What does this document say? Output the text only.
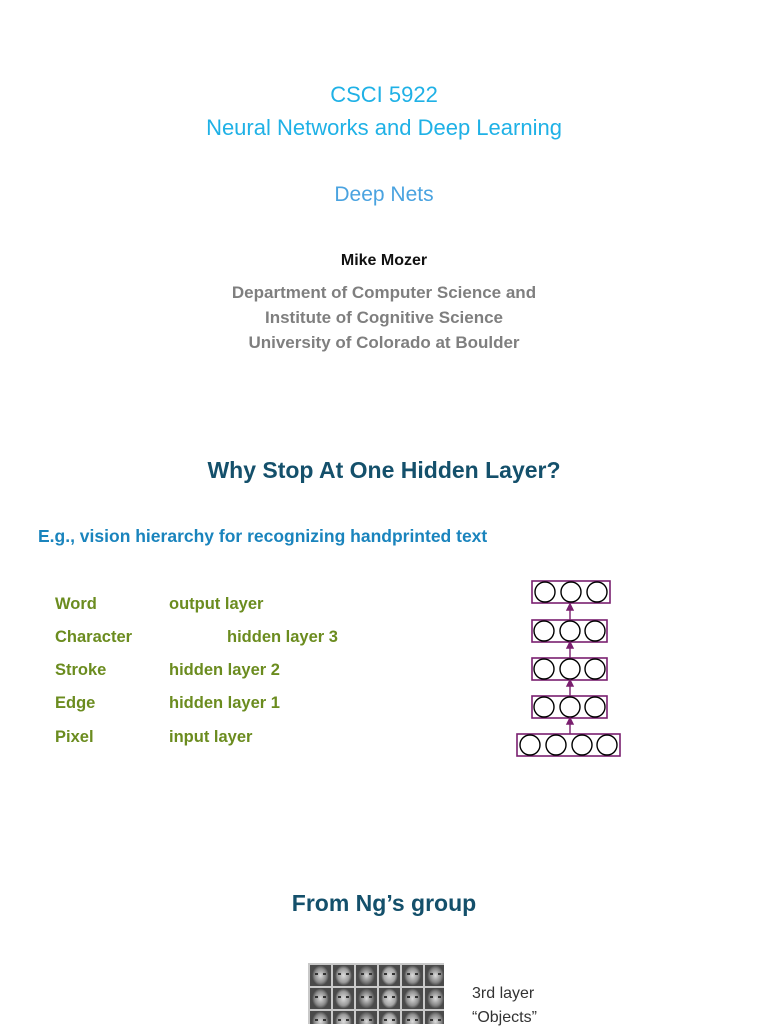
CSCI 5922
Neural Networks and Deep Learning
Deep Nets
Mike Mozer
Department of Computer Science and
Institute of Cognitive Science
University of Colorado at Boulder
Why Stop At One Hidden Layer?
E.g., vision hierarchy for recognizing handprinted text
Word	output layer
Character	hidden layer 3
Stroke	hidden layer 2
Edge	hidden layer 1
Pixel	input layer
From Ng’s group
3rd layer
“Objects”
